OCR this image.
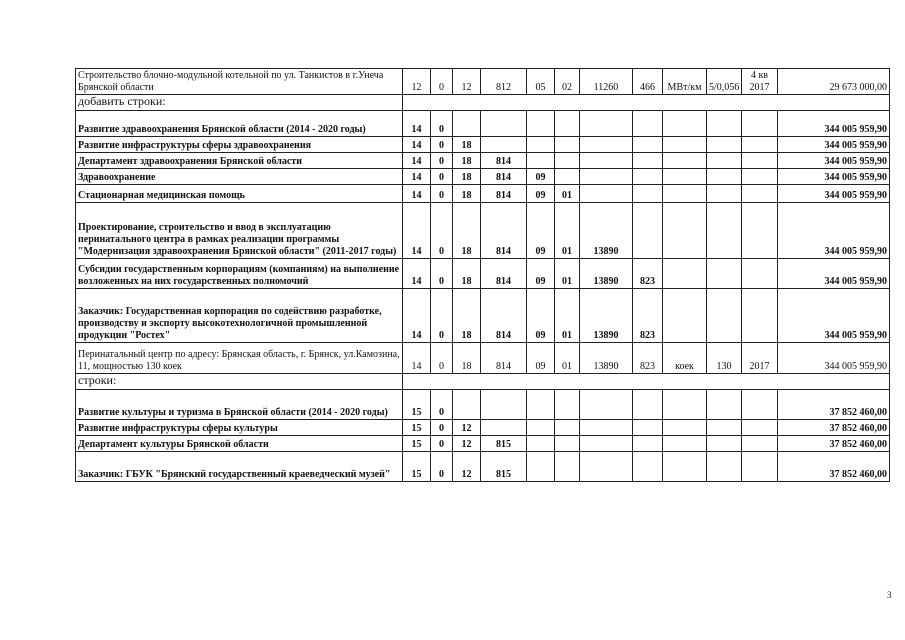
Строительство блочно-модульной котельной по ул. Танкистов в г.Унеча Брянской области	12	0	12	812	05	02	11260	466	МВт/км	5/0,056	4 кв 2017	29 673 000,00
добавить строки:												
Развитие здравоохранения Брянской области (2014 - 2020 годы)	14	0										344 005 959,90
Развитие инфраструктуры сферы здравоохранения	14	0	18									344 005 959,90
Департамент здравоохранения Брянской области	14	0	18	814								344 005 959,90
Здравоохранение	14	0	18	814	09							344 005 959,90
Стационарная медицинская помощь	14	0	18	814	09	01						344 005 959,90
Проектирование, строительство и ввод в эксплуатацию перинатального центра в рамках реализации программы "Модернизация здравоохранения Брянской области" (2011-2017 годы)	14	0	18	814	09	01	13890					344 005 959,90
Субсидии государственным корпорациям (компаниям) на выполнение возложенных на них государственных полномочий	14	0	18	814	09	01	13890	823				344 005 959,90
Заказчик: Государственная корпорация по содействию разработке, производству и экспорту высокотехнологичной промышленной продукции "Ростех"	14	0	18	814	09	01	13890	823				344 005 959,90
Перинатальный центр по адресу: Брянская область, г. Брянск, ул.Камозина, 11, мощностью 130 коек	14	0	18	814	09	01	13890	823	коек	130	2017	344 005 959,90
строки:												
Развитие культуры и туризма в Брянской области (2014 - 2020 годы)	15	0										37 852 460,00
Развитие инфраструктуры сферы культуры	15	0	12									37 852 460,00
Департамент культуры Брянской области	15	0	12	815								37 852 460,00
Заказчик: ГБУК "Брянский государственный краеведческий музей"	15	0	12	815								37 852 460,00
3
